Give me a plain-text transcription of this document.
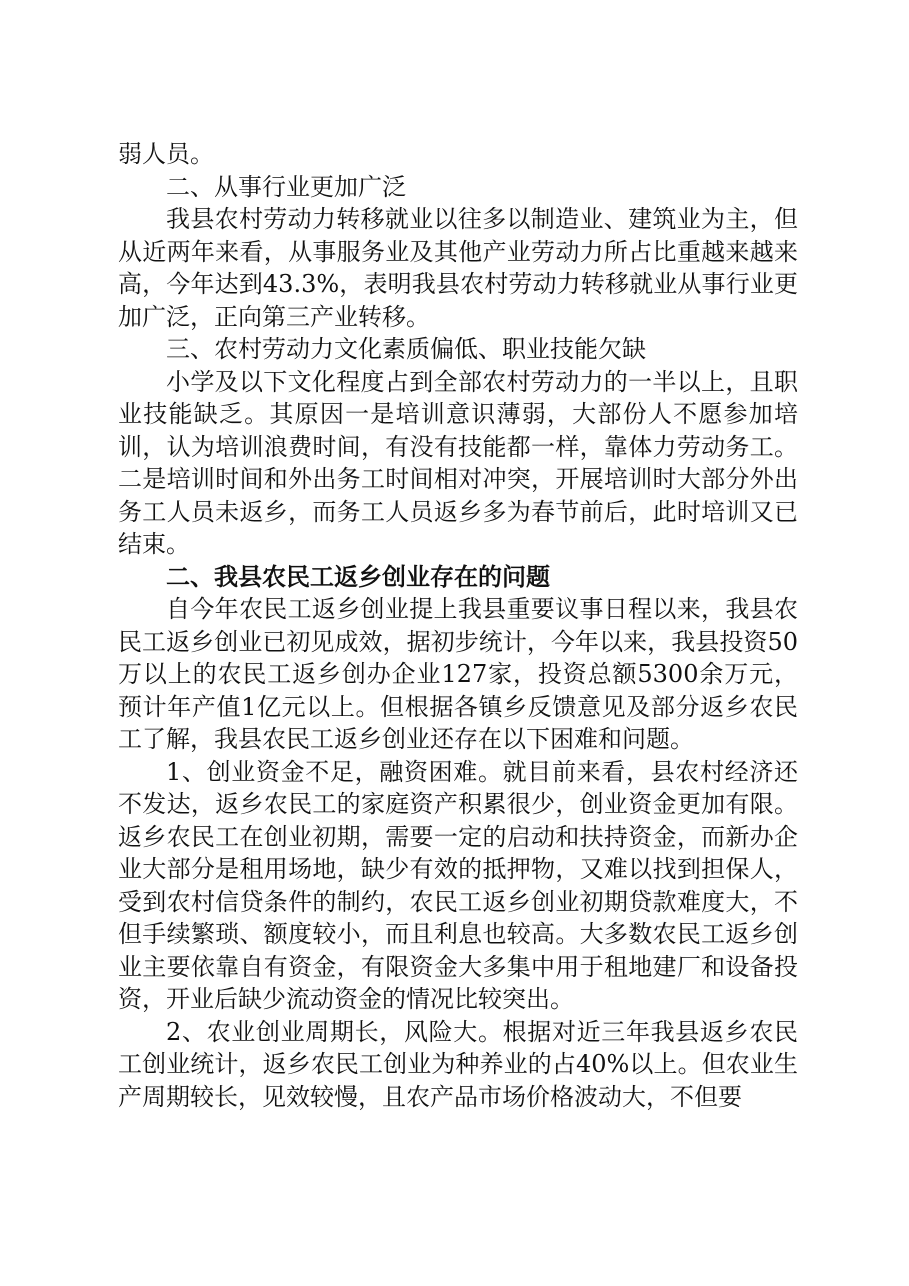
弱人员。

二、从事行业更加广泛

我县农村劳动力转移就业以往多以制造业、建筑业为主，但从近两年来看，从事服务业及其他产业劳动力所占比重越来越来高，今年达到43.3%，表明我县农村劳动力转移就业从事行业更加广泛，正向第三产业转移。

三、农村劳动力文化素质偏低、职业技能欠缺

小学及以下文化程度占到全部农村劳动力的一半以上，且职业技能缺乏。其原因一是培训意识薄弱，大部份人不愿参加培训，认为培训浪费时间，有没有技能都一样，靠体力劳动务工。二是培训时间和外出务工时间相对冲突，开展培训时大部分外出务工人员未返乡，而务工人员返乡多为春节前后，此时培训又已结束。

二、我县农民工返乡创业存在的问题

自今年农民工返乡创业提上我县重要议事日程以来，我县农民工返乡创业已初见成效，据初步统计，今年以来，我县投资50万以上的农民工返乡创办企业127家，投资总额5300余万元，预计年产值1亿元以上。但根据各镇乡反馈意见及部分返乡农民工了解，我县农民工返乡创业还存在以下困难和问题。

1、创业资金不足，融资困难。就目前来看，县农村经济还不发达，返乡农民工的家庭资产积累很少，创业资金更加有限。返乡农民工在创业初期，需要一定的启动和扶持资金，而新办企业大部分是租用场地，缺少有效的抵押物，又难以找到担保人，受到农村信贷条件的制约，农民工返乡创业初期贷款难度大，不但手续繁琐、额度较小，而且利息也较高。大多数农民工返乡创业主要依靠自有资金，有限资金大多集中用于租地建厂和设备投资，开业后缺少流动资金的情况比较突出。

2、农业创业周期长，风险大。根据对近三年我县返乡农民工创业统计，返乡农民工创业为种养业的占40%以上。但农业生产周期较长，见效较慢，且农产品市场价格波动大，不但要
